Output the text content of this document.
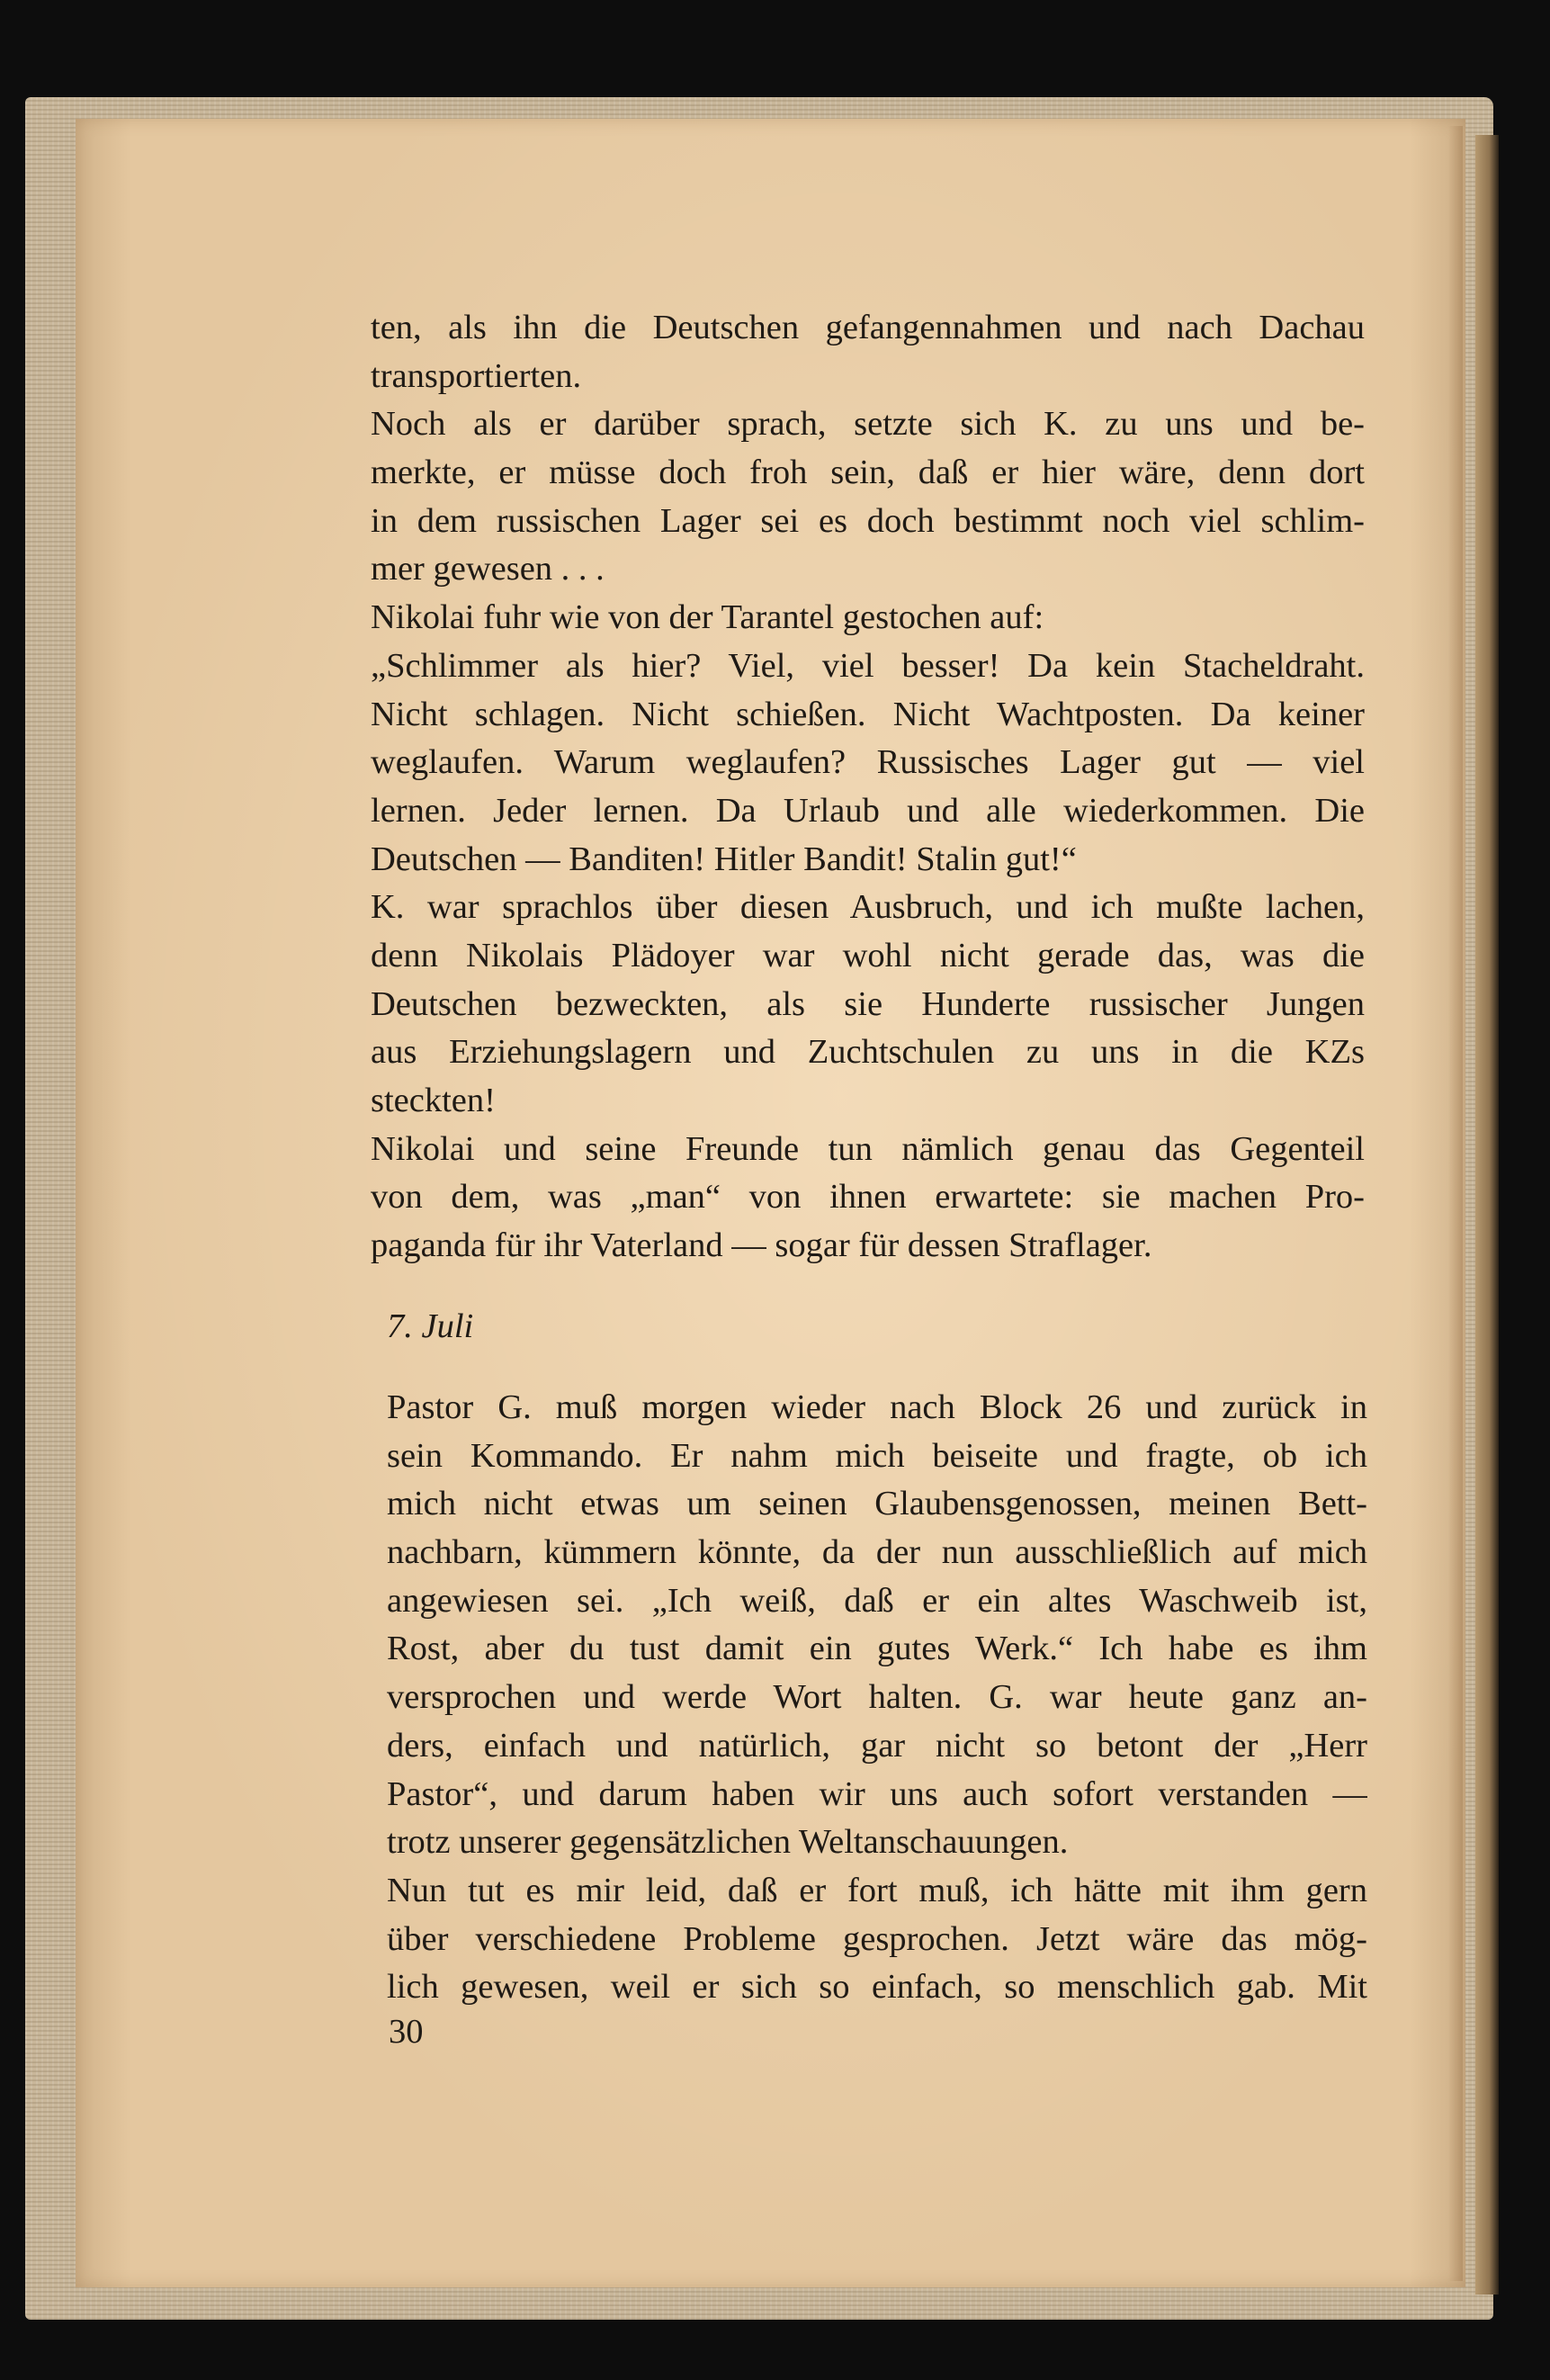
ten, als ihn die Deutschen gefangennahmen und nach Dachau
transportierten.
Noch als er darüber sprach, setzte sich K. zu uns und be-
merkte, er müsse doch froh sein, daß er hier wäre, denn dort
in dem russischen Lager sei es doch bestimmt noch viel schlim-
mer gewesen . . .
Nikolai fuhr wie von der Tarantel gestochen auf:
„Schlimmer als hier? Viel, viel besser! Da kein Stacheldraht.
Nicht schlagen. Nicht schießen. Nicht Wachtposten. Da keiner
weglaufen. Warum weglaufen? Russisches Lager gut — viel
lernen. Jeder lernen. Da Urlaub und alle wiederkommen. Die
Deutschen — Banditen! Hitler Bandit! Stalin gut!“
K. war sprachlos über diesen Ausbruch, und ich mußte lachen,
denn Nikolais Plädoyer war wohl nicht gerade das, was die
Deutschen bezweckten, als sie Hunderte russischer Jungen
aus Erziehungslagern und Zuchtschulen zu uns in die KZs
steckten!
Nikolai und seine Freunde tun nämlich genau das Gegenteil
von dem, was „man“ von ihnen erwartete: sie machen Pro-
paganda für ihr Vaterland — sogar für dessen Straflager.
7. Juli
Pastor G. muß morgen wieder nach Block 26 und zurück in
sein Kommando. Er nahm mich beiseite und fragte, ob ich
mich nicht etwas um seinen Glaubensgenossen, meinen Bett-
nachbarn, kümmern könnte, da der nun ausschließlich auf mich
angewiesen sei. „Ich weiß, daß er ein altes Waschweib ist,
Rost, aber du tust damit ein gutes Werk.“ Ich habe es ihm
versprochen und werde Wort halten. G. war heute ganz an-
ders, einfach und natürlich, gar nicht so betont der „Herr
Pastor“, und darum haben wir uns auch sofort verstanden —
trotz unserer gegensätzlichen Weltanschauungen.
Nun tut es mir leid, daß er fort muß, ich hätte mit ihm gern
über verschiedene Probleme gesprochen. Jetzt wäre das mög-
lich gewesen, weil er sich so einfach, so menschlich gab. Mit
30
